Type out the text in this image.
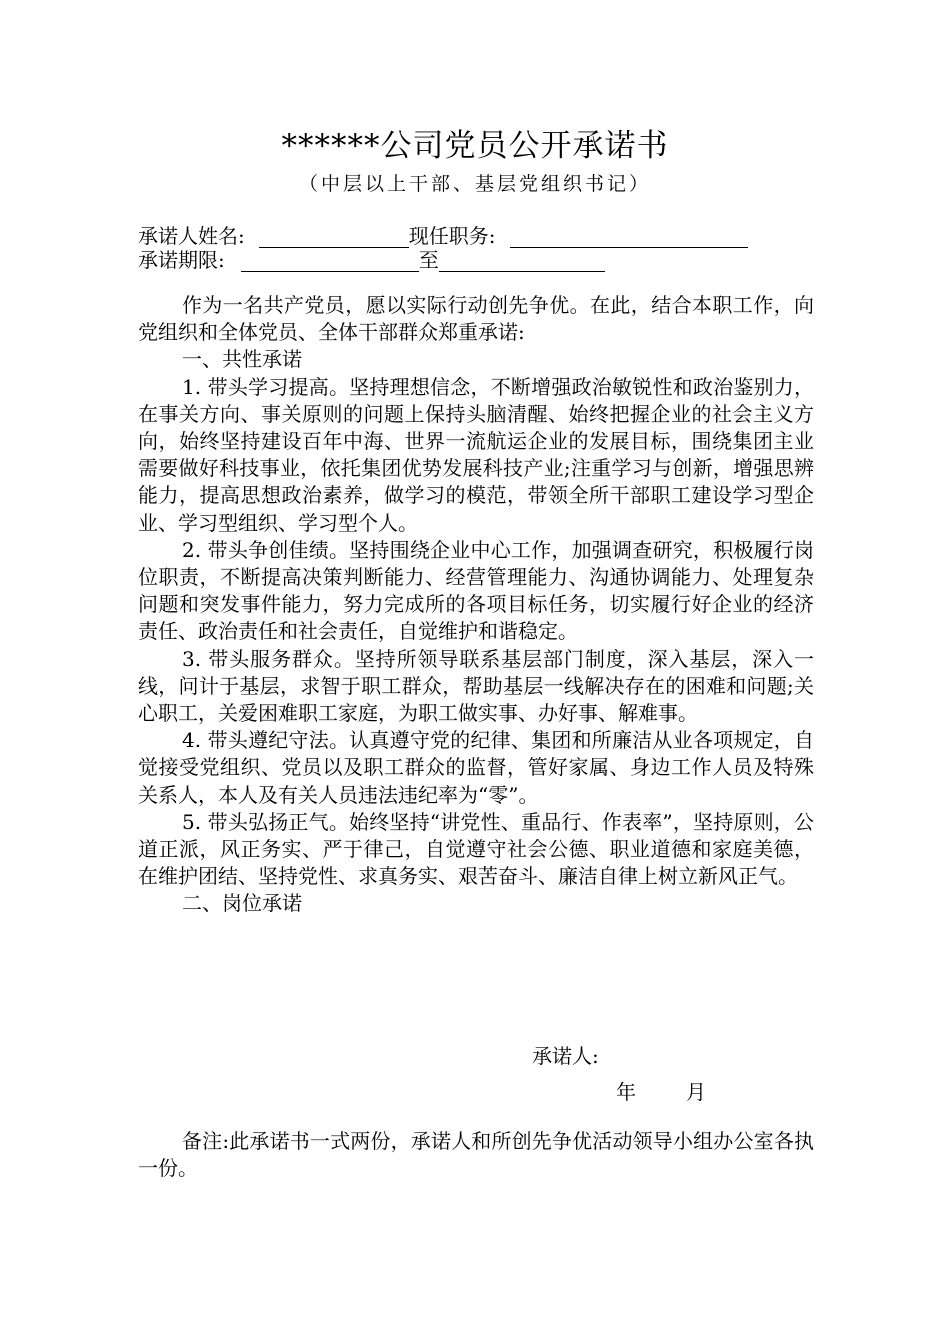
******公司党员公开承诺书
（中层以上干部、基层党组织书记）
承诺人姓名:	现任职务:
承诺期限:	至

作为一名共产党员，愿以实际行动创先争优。在此，结合本职工作，向党组织和全体党员、全体干部群众郑重承诺:

一、共性承诺

1. 带头学习提高。坚持理想信念，不断增强政治敏锐性和政治鉴别力，在事关方向、事关原则的问题上保持头脑清醒、始终把握企业的社会主义方向，始终坚持建设百年中海、世界一流航运企业的发展目标，围绕集团主业需要做好科技事业，依托集团优势发展科技产业;注重学习与创新，增强思辨能力，提高思想政治素养，做学习的模范，带领全所干部职工建设学习型企业、学习型组织、学习型个人。

2. 带头争创佳绩。坚持围绕企业中心工作，加强调查研究，积极履行岗位职责，不断提高决策判断能力、经营管理能力、沟通协调能力、处理复杂问题和突发事件能力，努力完成所的各项目标任务，切实履行好企业的经济责任、政治责任和社会责任，自觉维护和谐稳定。

3. 带头服务群众。坚持所领导联系基层部门制度，深入基层，深入一线，问计于基层，求智于职工群众，帮助基层一线解决存在的困难和问题;关心职工，关爱困难职工家庭，为职工做实事、办好事、解难事。

4. 带头遵纪守法。认真遵守党的纪律、集团和所廉洁从业各项规定，自觉接受党组织、党员以及职工群众的监督，管好家属、身边工作人员及特殊关系人，本人及有关人员违法违纪率为“零”。

5. 带头弘扬正气。始终坚持“讲党性、重品行、作表率”，坚持原则，公道正派，风正务实、严于律己，自觉遵守社会公德、职业道德和家庭美德，在维护团结、坚持党性、求真务实、艰苦奋斗、廉洁自律上树立新风正气。

二、岗位承诺

承诺人:
年	月

备注:此承诺书一式两份，承诺人和所创先争优活动领导小组办公室各执一份。
